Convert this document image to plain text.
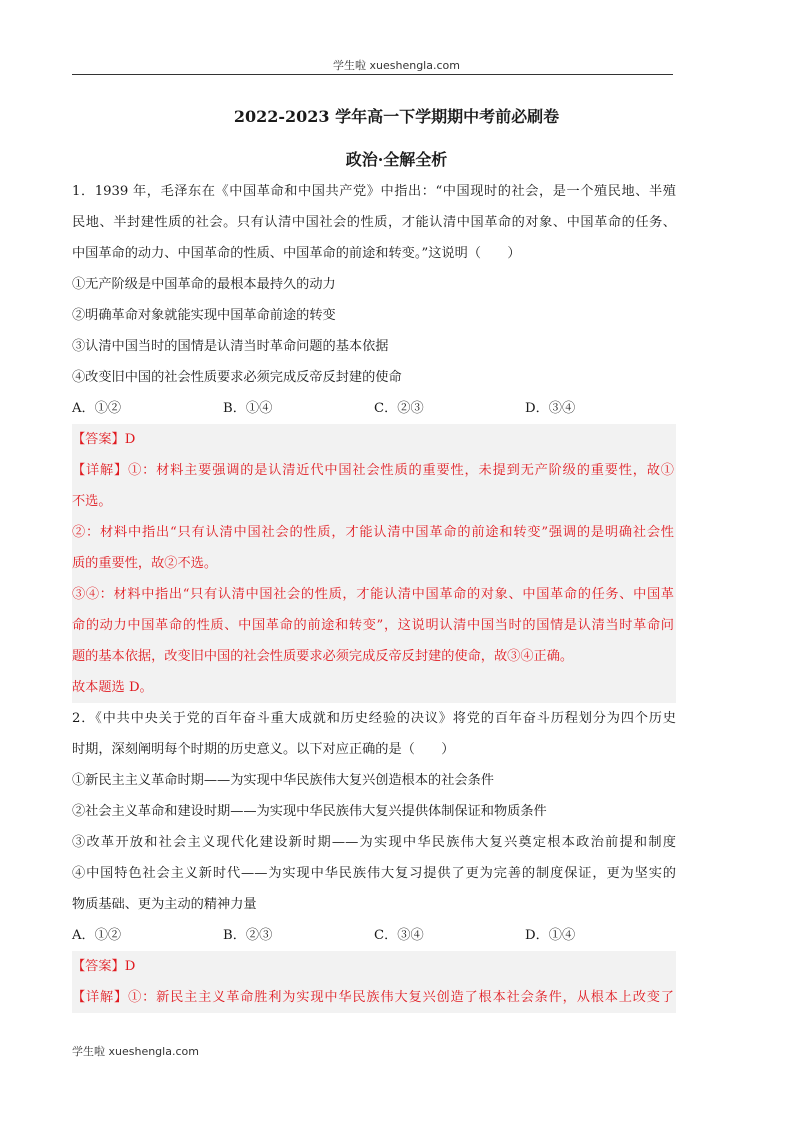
学生啦 xueshengla.com
2022-2023 学年高一下学期期中考前必刷卷
政治·全解全析
1．1939 年，毛泽东在《中国革命和中国共产党》中指出：“中国现时的社会，是一个殖民地、半殖
民地、半封建性质的社会。只有认清中国社会的性质，才能认清中国革命的对象、中国革命的任务、
中国革命的动力、中国革命的性质、中国革命的前途和转变。”这说明（　　）
①无产阶级是中国革命的最根本最持久的动力
②明确革命对象就能实现中国革命前途的转变
③认清中国当时的国情是认清当时革命问题的基本依据
④改变旧中国的社会性质要求必须完成反帝反封建的使命
A．①②	B．①④	C．②③	D．③④
【答案】D
【详解】①：材料主要强调的是认清近代中国社会性质的重要性，未提到无产阶级的重要性，故①
不选。
②：材料中指出“只有认清中国社会的性质，才能认清中国革命的前途和转变”强调的是明确社会性
质的重要性，故②不选。
③④：材料中指出“只有认清中国社会的性质，才能认清中国革命的对象、中国革命的任务、中国革
命的动力中国革命的性质、中国革命的前途和转变”，这说明认清中国当时的国情是认清当时革命问
题的基本依据，改变旧中国的社会性质要求必须完成反帝反封建的使命，故③④正确。
故本题选 D。
2．《中共中央关于党的百年奋斗重大成就和历史经验的决议》将党的百年奋斗历程划分为四个历史
时期，深刻阐明每个时期的历史意义。以下对应正确的是（　　）
①新民主主义革命时期——为实现中华民族伟大复兴创造根本的社会条件
②社会主义革命和建设时期——为实现中华民族伟大复兴提供体制保证和物质条件
③改革开放和社会主义现代化建设新时期——为实现中华民族伟大复兴奠定根本政治前提和制度
④中国特色社会主义新时代——为实现中华民族伟大复习提供了更为完善的制度保证，更为坚实的
物质基础、更为主动的精神力量
A．①②	B．②③	C．③④	D．①④
【答案】D
【详解】①：新民主主义革命胜利为实现中华民族伟大复兴创造了根本社会条件，从根本上改变了
学生啦 xueshengla.com
